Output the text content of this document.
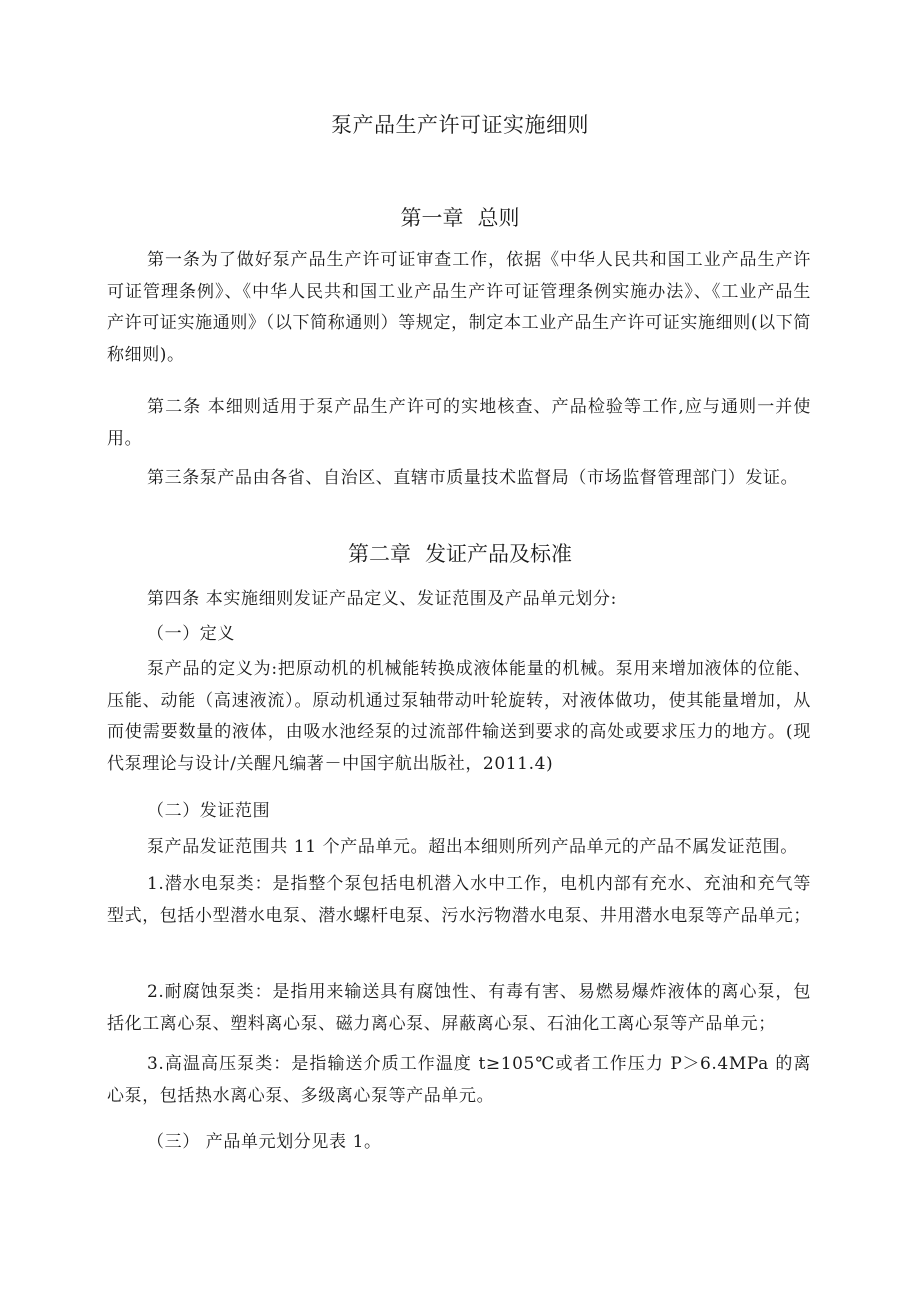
泵产品生产许可证实施细则
第一章 总则
第一条为了做好泵产品生产许可证审查工作，依据《中华人民共和国工业产品生产许可证管理条例》、《中华人民共和国工业产品生产许可证管理条例实施办法》、《工业产品生产许可证实施通则》（以下简称通则）等规定，制定本工业产品生产许可证实施细则(以下简称细则)。
第二条 本细则适用于泵产品生产许可的实地核查、产品检验等工作,应与通则一并使用。
第三条泵产品由各省、自治区、直辖市质量技术监督局（市场监督管理部门）发证。
第二章 发证产品及标准
第四条 本实施细则发证产品定义、发证范围及产品单元划分:
（一）定义
泵产品的定义为:把原动机的机械能转换成液体能量的机械。泵用来增加液体的位能、压能、动能（高速液流）。原动机通过泵轴带动叶轮旋转，对液体做功，使其能量增加，从而使需要数量的液体，由吸水池经泵的过流部件输送到要求的高处或要求压力的地方。(现代泵理论与设计/关醒凡编著－中国宇航出版社，2011.4)
（二）发证范围
泵产品发证范围共 11 个产品单元。超出本细则所列产品单元的产品不属发证范围。
1.潜水电泵类：是指整个泵包括电机潜入水中工作，电机内部有充水、充油和充气等型式，包括小型潜水电泵、潜水螺杆电泵、污水污物潜水电泵、井用潜水电泵等产品单元；
2.耐腐蚀泵类：是指用来输送具有腐蚀性、有毒有害、易燃易爆炸液体的离心泵，包括化工离心泵、塑料离心泵、磁力离心泵、屏蔽离心泵、石油化工离心泵等产品单元；
3.高温高压泵类：是指输送介质工作温度 t≥105℃或者工作压力 P＞6.4MPa 的离心泵，包括热水离心泵、多级离心泵等产品单元。
（三） 产品单元划分见表 1。
